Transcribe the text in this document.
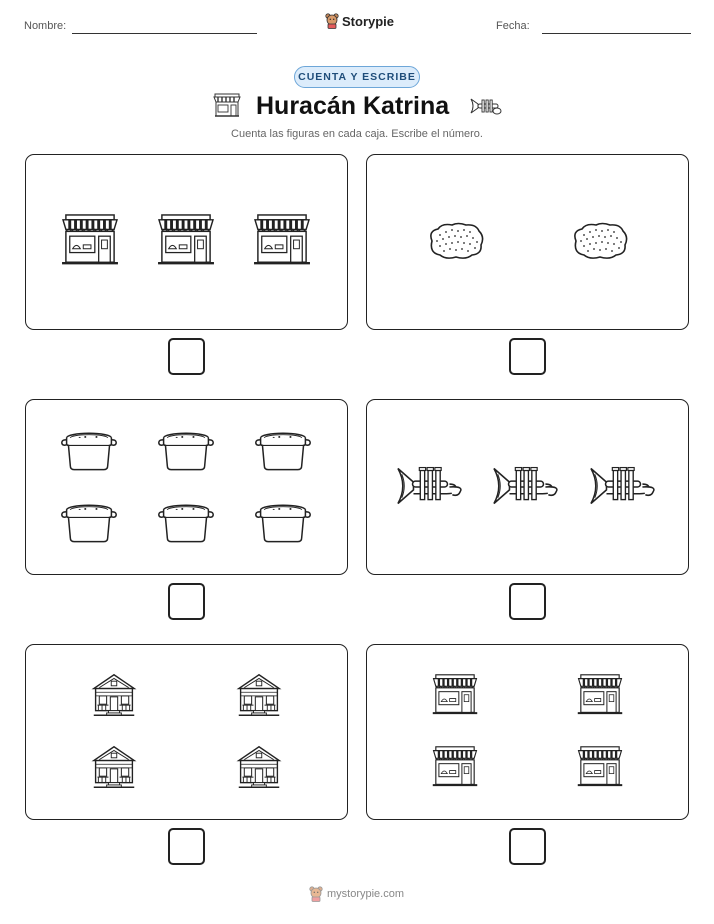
Nombre:	Storypie	Fecha:
CUENTA Y ESCRIBE
Huracán Katrina
Cuenta las figuras en cada caja. Escribe el número.
mystorypie.com
